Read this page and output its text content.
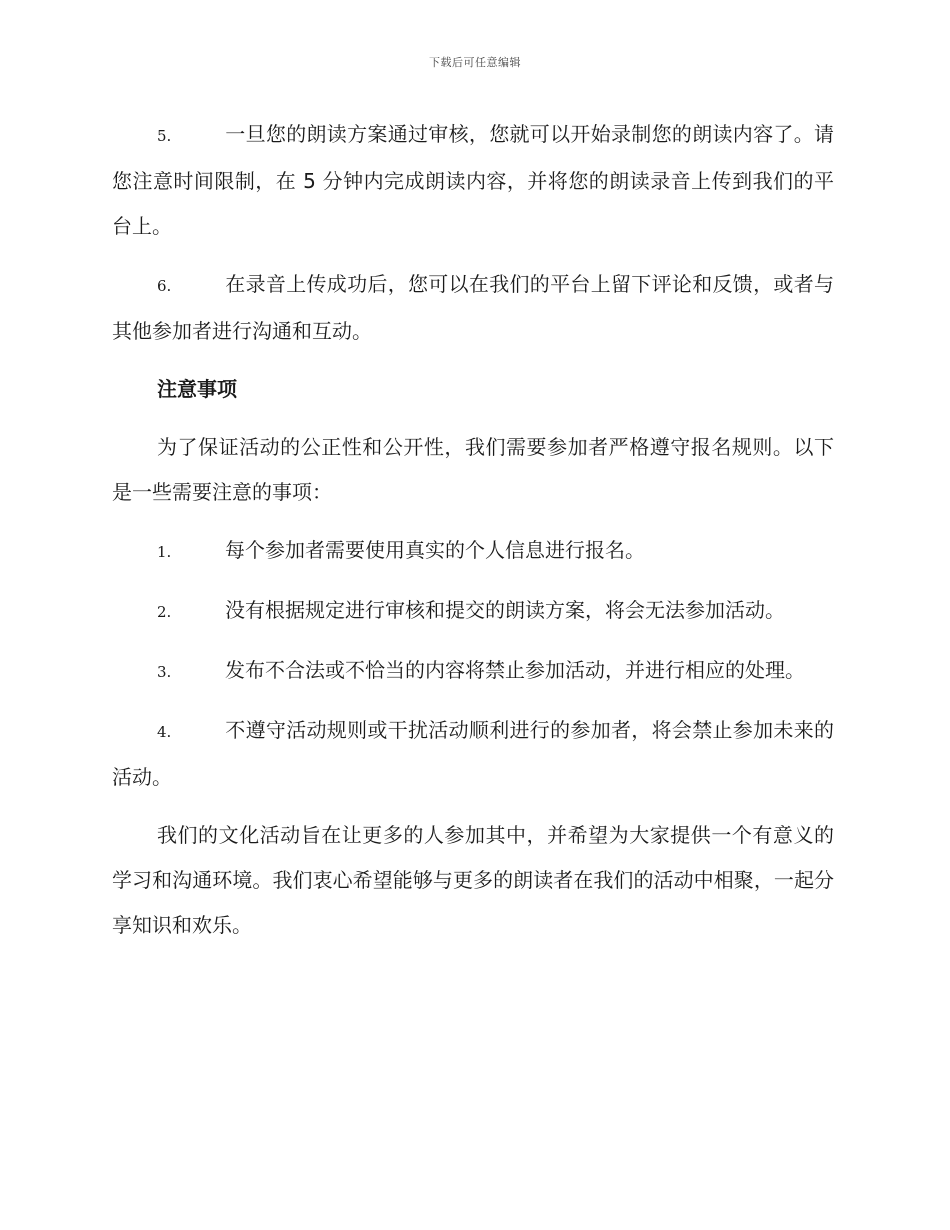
下载后可任意编辑
5.	一旦您的朗读方案通过审核，您就可以开始录制您的朗读内容了。请您注意时间限制，在 5 分钟内完成朗读内容，并将您的朗读录音上传到我们的平台上。
6.	在录音上传成功后，您可以在我们的平台上留下评论和反馈，或者与其他参加者进行沟通和互动。
注意事项

为了保证活动的公正性和公开性，我们需要参加者严格遵守报名规则。以下是一些需要注意的事项：

1.	每个参加者需要使用真实的个人信息进行报名。
2.	没有根据规定进行审核和提交的朗读方案，将会无法参加活动。
3.	发布不合法或不恰当的内容将禁止参加活动，并进行相应的处理。
4.	不遵守活动规则或干扰活动顺利进行的参加者，将会禁止参加未来的活动。

我们的文化活动旨在让更多的人参加其中，并希望为大家提供一个有意义的学习和沟通环境。我们衷心希望能够与更多的朗读者在我们的活动中相聚，一起分享知识和欢乐。
